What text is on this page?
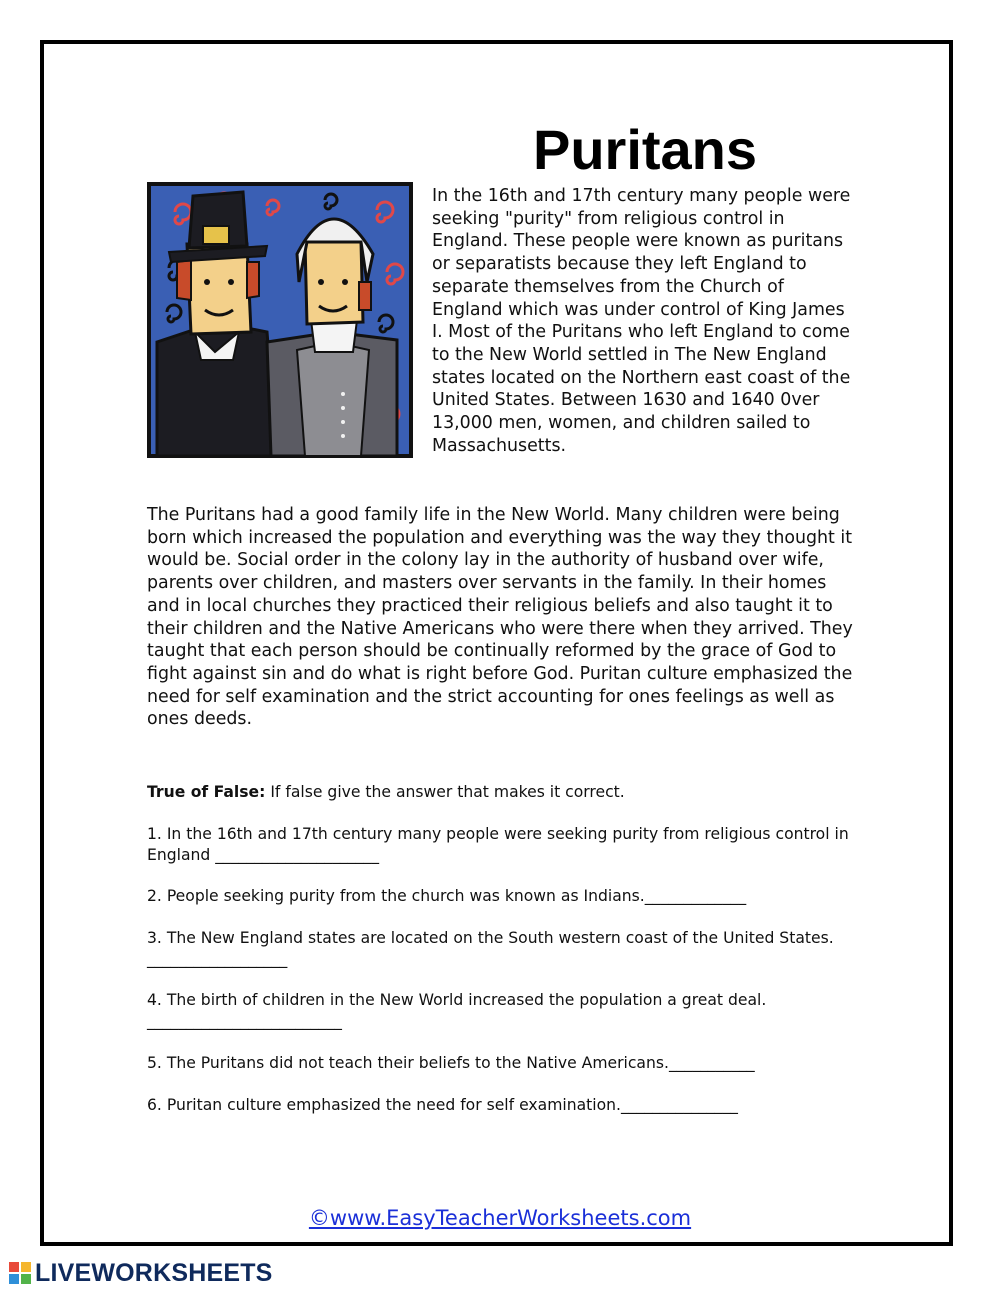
Puritans

In the 16th and 17th century many people were seeking "purity" from religious control in England. These people were known as puritans or separatists because they left England to separate themselves from the Church of England which was under control of King James I. Most of the Puritans who left England to come to the New World settled in The New England states located on the Northern east coast of the United States. Between 1630 and 1640 0ver 13,000 men, women, and children sailed to Massachusetts.

The Puritans had a good family life in the New World. Many children were being born which increased the population and everything was the way they thought it would be. Social order in the colony lay in the authority of husband over wife, parents over children, and masters over servants in the family. In their homes and in local churches they practiced their religious beliefs and also taught it to their children and the Native Americans who were there when they arrived. They taught that each person should be continually reformed by the grace of God to fight against sin and do what is right before God. Puritan culture emphasized the need for self examination and the strict accounting for ones feelings as well as ones deeds.

True of False: If false give the answer that makes it correct.

1. In the 16th and 17th century many people were seeking purity from religious control in England _____________________

2. People seeking purity from the church was known as Indians._____________

3. The New England states are located on the South western coast of the United States. __________________

4. The birth of children in the New World increased the population a great deal. _________________________

5. The Puritans did not teach their beliefs to the Native Americans.___________

6. Puritan culture emphasized the need for self examination._______________

©www.EasyTeacherWorksheets.com
LIVEWORKSHEETS
